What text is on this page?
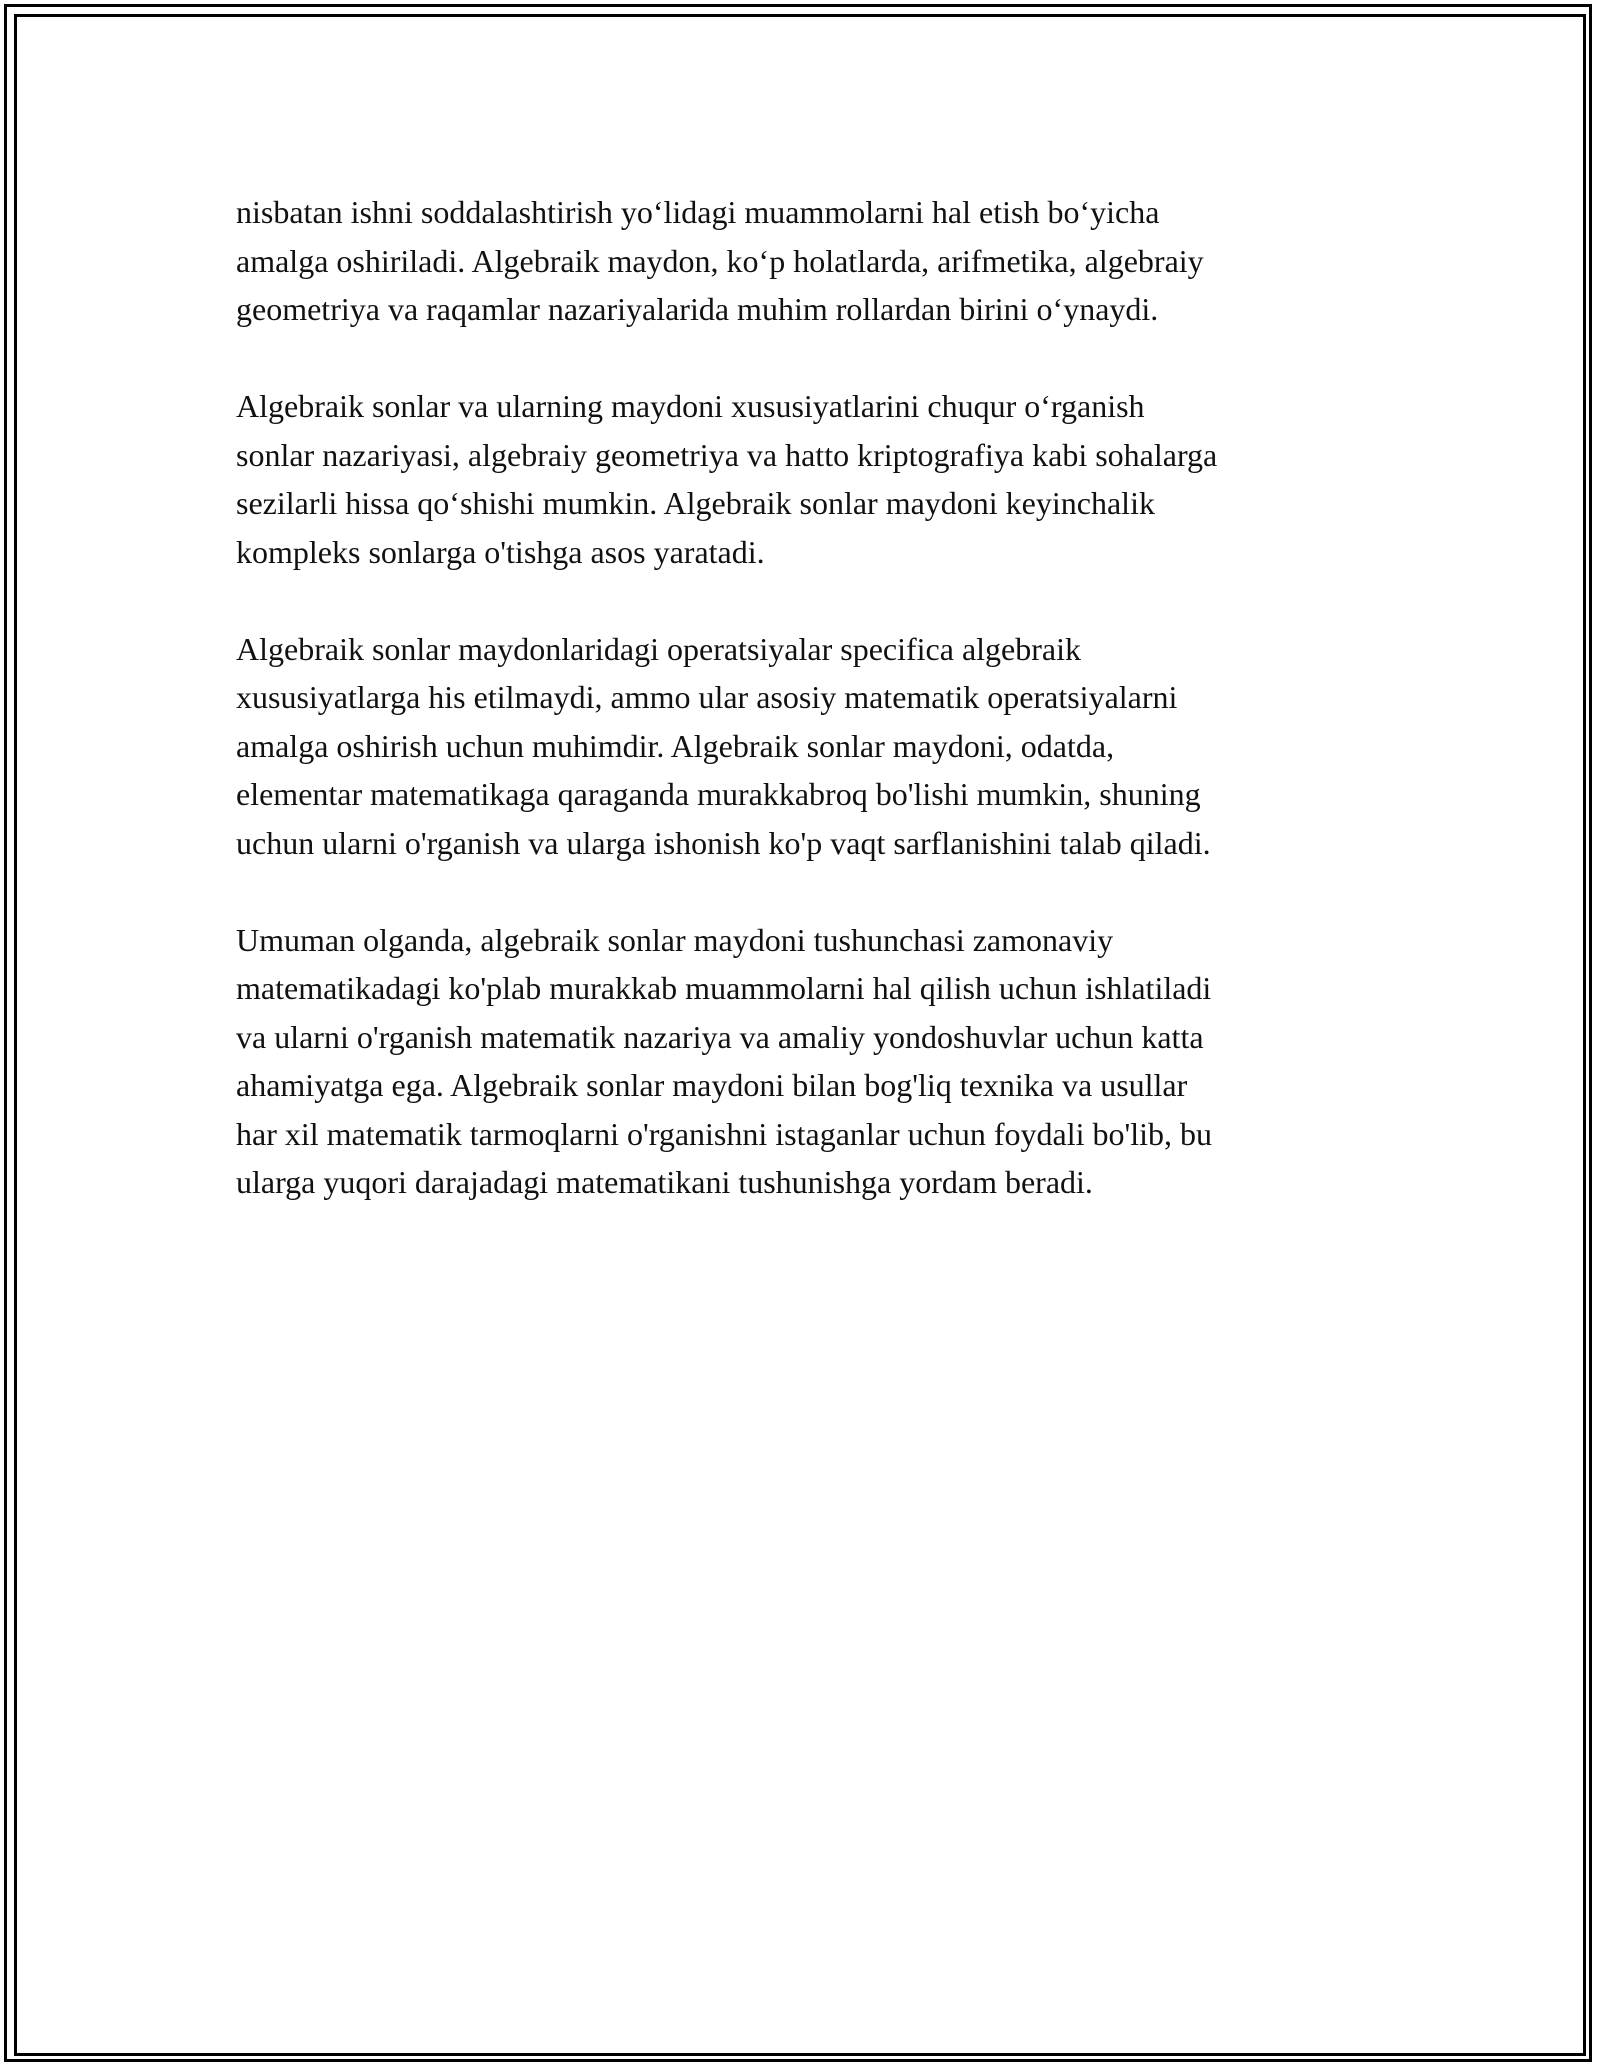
nisbatan ishni soddalashtirish yo‘lidagi muammolarni hal etish bo‘yicha
amalga oshiriladi. Algebraik maydon, ko‘p holatlarda, arifmetika, algebraiy
geometriya va raqamlar nazariyalarida muhim rollardan birini o‘ynaydi.

Algebraik sonlar va ularning maydoni xususiyatlarini chuqur o‘rganish
sonlar nazariyasi, algebraiy geometriya va hatto kriptografiya kabi sohalarga
sezilarli hissa qo‘shishi mumkin. Algebraik sonlar maydoni keyinchalik
kompleks sonlarga o'tishga asos yaratadi.

Algebraik sonlar maydonlaridagi operatsiyalar specifica algebraik
xususiyatlarga his etilmaydi, ammo ular asosiy matematik operatsiyalarni
amalga oshirish uchun muhimdir. Algebraik sonlar maydoni, odatda,
elementar matematikaga qaraganda murakkabroq bo'lishi mumkin, shuning
uchun ularni o'rganish va ularga ishonish ko'p vaqt sarflanishini talab qiladi.

Umuman olganda, algebraik sonlar maydoni tushunchasi zamonaviy
matematikadagi ko'plab murakkab muammolarni hal qilish uchun ishlatiladi
va ularni o'rganish matematik nazariya va amaliy yondoshuvlar uchun katta
ahamiyatga ega. Algebraik sonlar maydoni bilan bog'liq texnika va usullar
har xil matematik tarmoqlarni o'rganishni istaganlar uchun foydali bo'lib, bu
ularga yuqori darajadagi matematikani tushunishga yordam beradi.
